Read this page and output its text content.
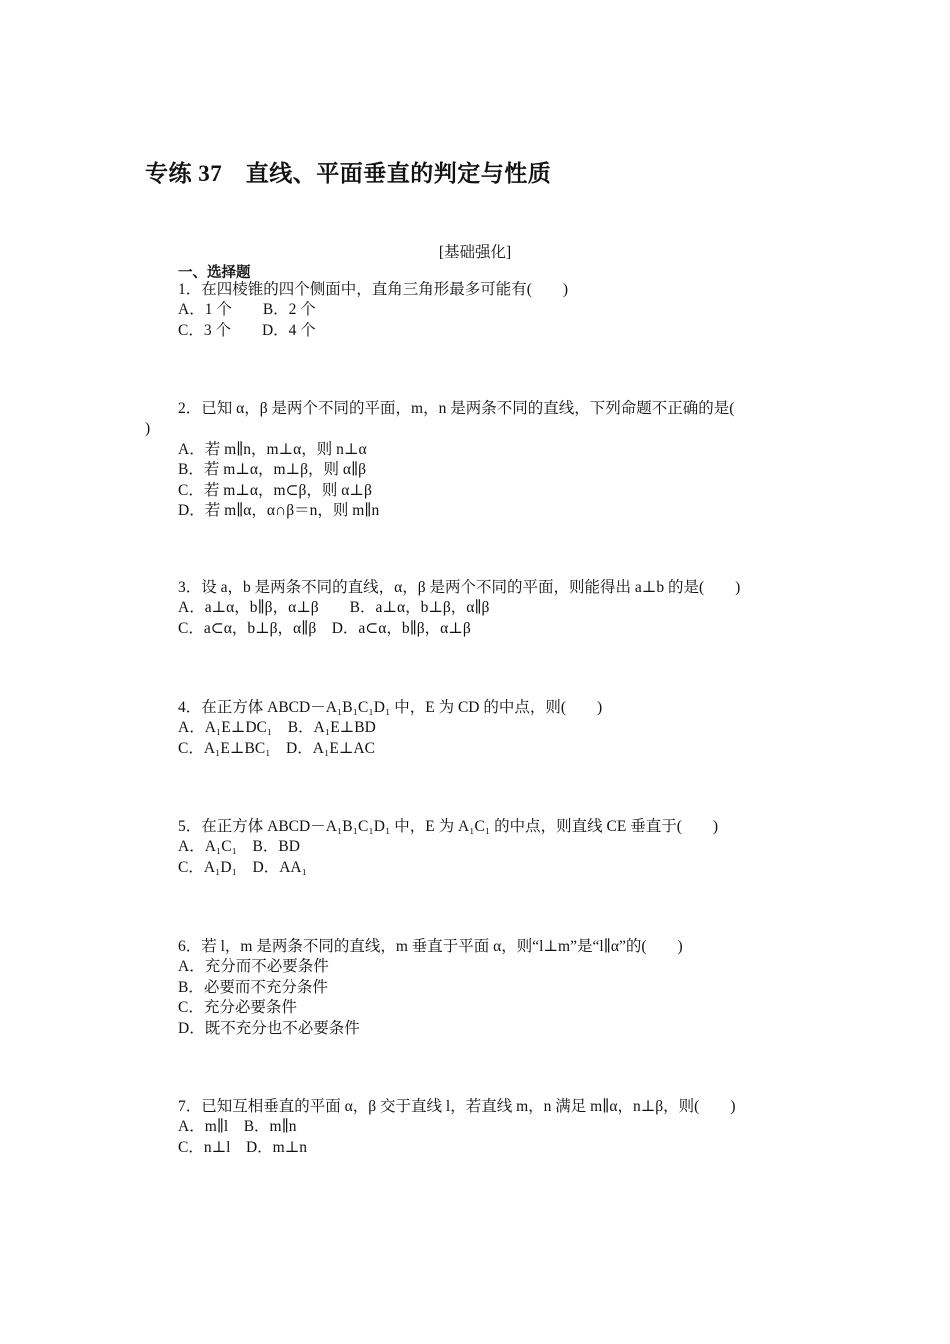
专练 37　直线、平面垂直的判定与性质
[基础强化]
一、选择题
1．在四棱锥的四个侧面中，直角三角形最多可能有(　　)
A．1 个　　B．2 个
C．3 个　　D．4 个
2．已知 α，β 是两个不同的平面，m，n 是两条不同的直线，下列命题不正确的是(
)
A．若 m∥n，m⊥α，则 n⊥α
B．若 m⊥α，m⊥β，则 α∥β
C．若 m⊥α，m⊂β，则 α⊥β
D．若 m∥α，α∩β＝n，则 m∥n
3．设 a，b 是两条不同的直线，α，β 是两个不同的平面，则能得出 a⊥b 的是(　　)
A．a⊥α，b∥β，α⊥β　　B．a⊥α，b⊥β，α∥β
C．a⊂α，b⊥β，α∥β　D．a⊂α，b∥β，α⊥β
4．在正方体 ABCD－A₁B₁C₁D₁ 中，E 为 CD 的中点，则(　　)
A．A₁E⊥DC₁　B．A₁E⊥BD
C．A₁E⊥BC₁　D．A₁E⊥AC
5．在正方体 ABCD－A₁B₁C₁D₁ 中，E 为 A₁C₁ 的中点，则直线 CE 垂直于(　　)
A．A₁C₁　B．BD
C．A₁D₁　D．AA₁
6．若 l，m 是两条不同的直线，m 垂直于平面 α，则“l⊥m”是“l∥α”的(　　)
A．充分而不必要条件
B．必要而不充分条件
C．充分必要条件
D．既不充分也不必要条件
7．已知互相垂直的平面 α，β 交于直线 l，若直线 m，n 满足 m∥α，n⊥β，则(　　)
A．m∥l　B．m∥n
C．n⊥l　D．m⊥n
